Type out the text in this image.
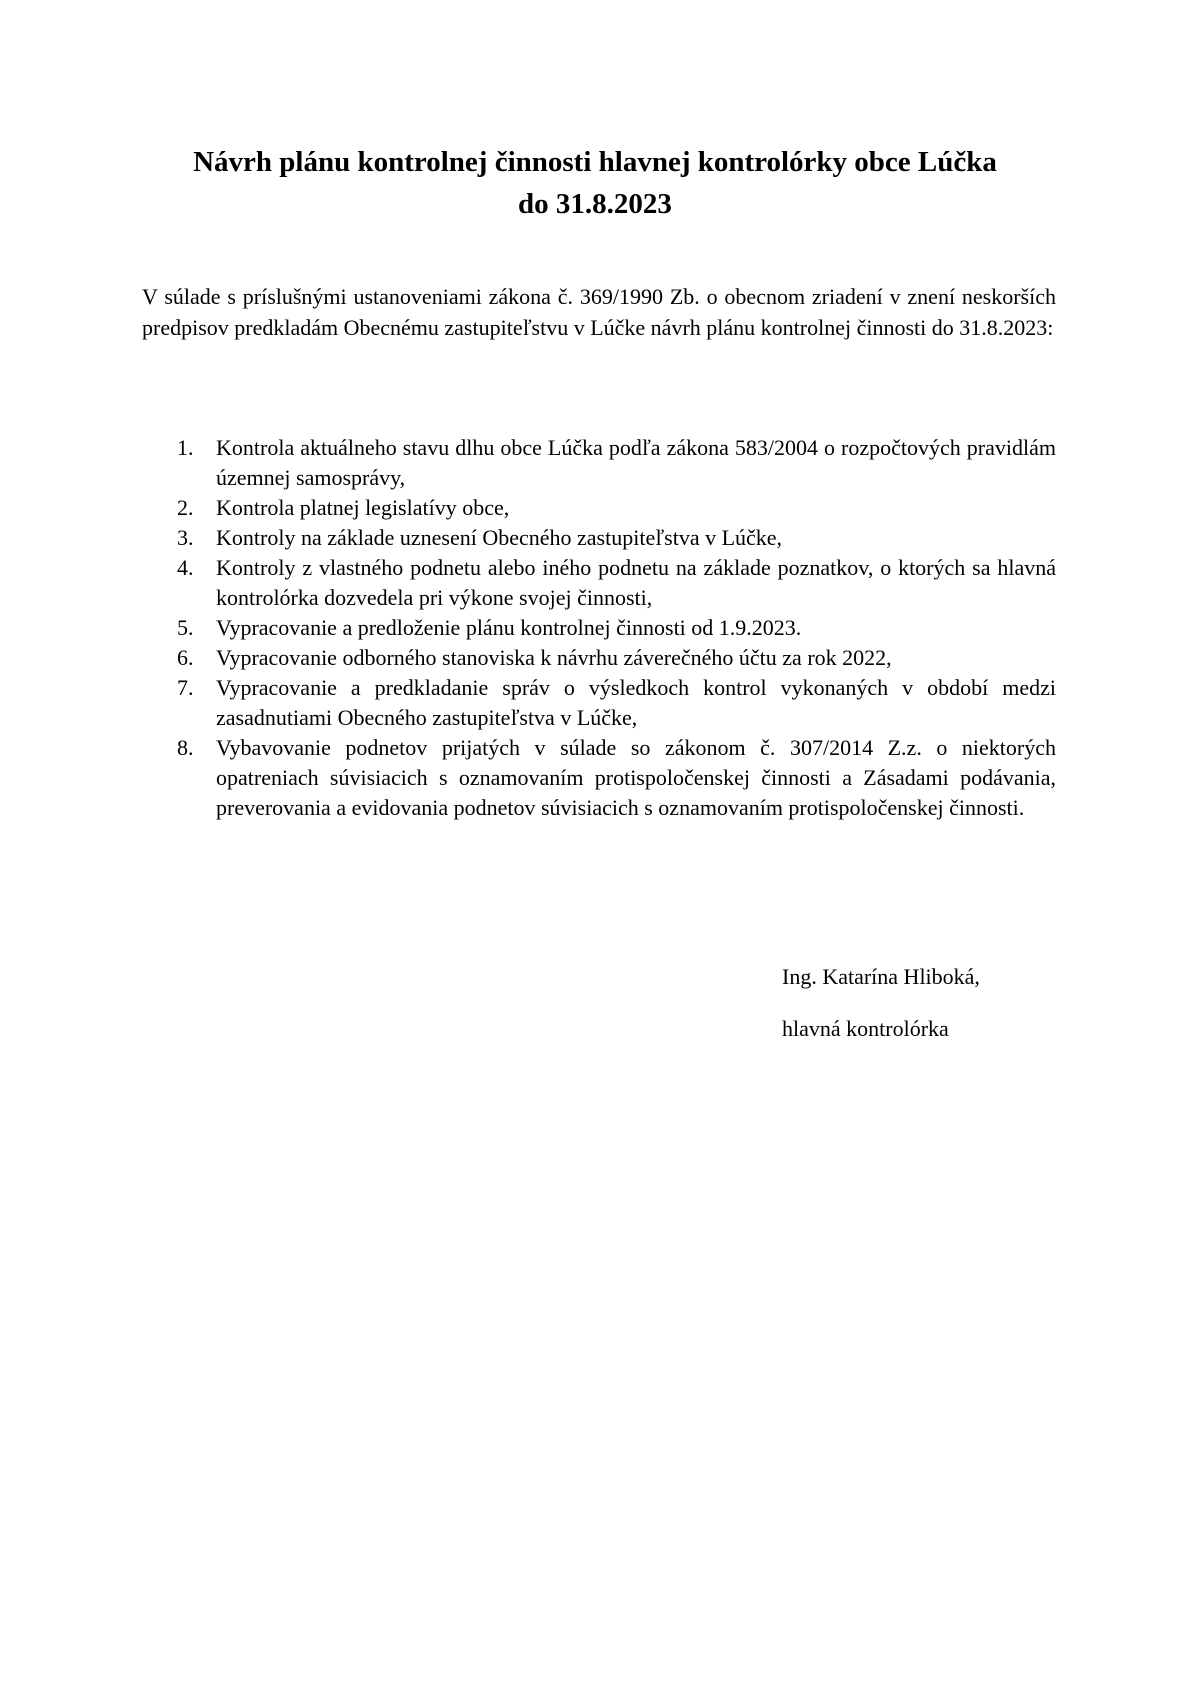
Návrh plánu kontrolnej činnosti hlavnej kontrolórky obce Lúčka
do 31.8.2023

V súlade s príslušnými ustanoveniami zákona č. 369/1990 Zb. o obecnom zriadení v znení neskorších predpisov predkladám Obecnému zastupiteľstvu v Lúčke návrh plánu kontrolnej činnosti do 31.8.2023:

1. Kontrola aktuálneho stavu dlhu obce Lúčka podľa zákona 583/2004 o rozpočtových pravidlám územnej samosprávy,
2. Kontrola platnej legislatívy obce,
3. Kontroly na základe uznesení Obecného zastupiteľstva v Lúčke,
4. Kontroly z vlastného podnetu alebo iného podnetu na základe poznatkov, o ktorých sa hlavná kontrolórka dozvedela pri výkone svojej činnosti,
5. Vypracovanie a predloženie plánu kontrolnej činnosti od 1.9.2023.
6. Vypracovanie odborného stanoviska k návrhu záverečného účtu za rok 2022,
7. Vypracovanie a predkladanie správ o výsledkoch kontrol vykonaných v období medzi zasadnutiami Obecného zastupiteľstva v Lúčke,
8. Vybavovanie podnetov prijatých v súlade so zákonom č. 307/2014 Z.z. o niektorých opatreniach súvisiacich s oznamovaním protispoločenskej činnosti a Zásadami podávania, preverovania a evidovania podnetov súvisiacich s oznamovaním protispoločenskej činnosti.
Ing. Katarína Hliboká,
hlavná kontrolórka
